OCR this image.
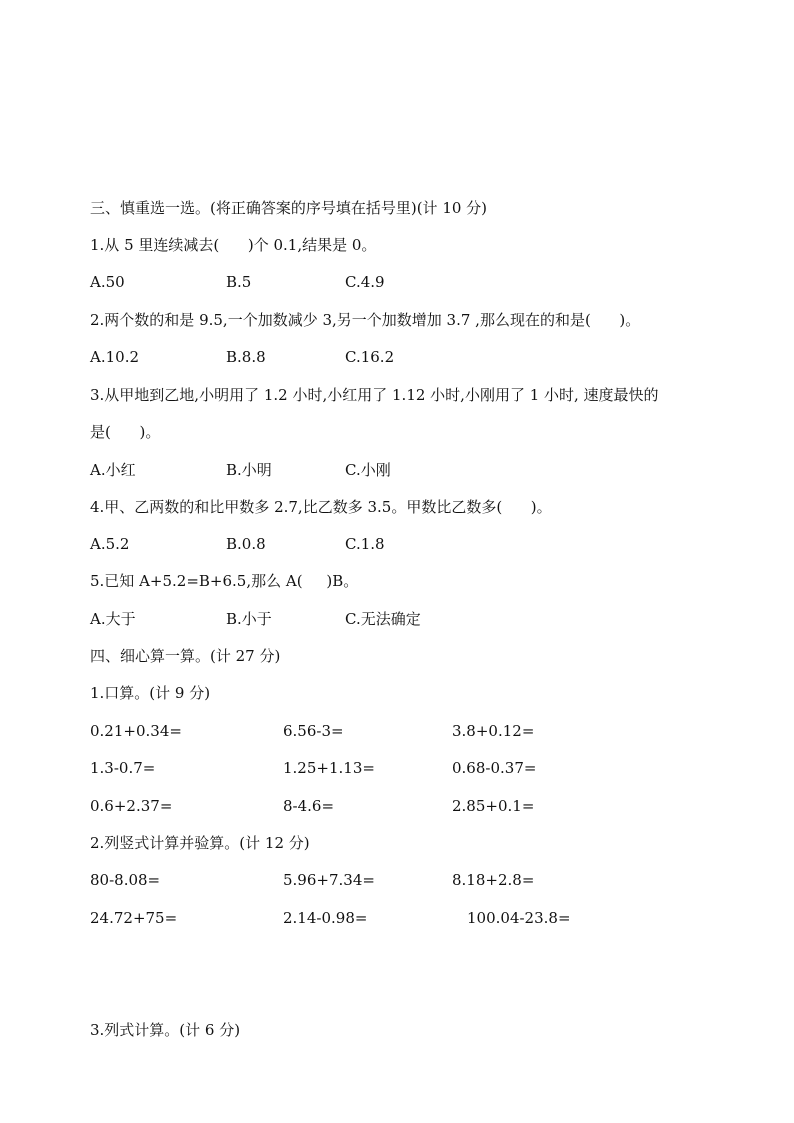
三、慎重选一选。(将正确答案的序号填在括号里)(计 10 分)
1.从 5 里连续减去(      )个 0.1,结果是 0。
A.50	B.5	C.4.9
2.两个数的和是 9.5,一个加数减少 3,另一个加数增加 3.7 ,那么现在的和是(      )。
A.10.2	B.8.8	C.16.2
3.从甲地到乙地,小明用了 1.2 小时,小红用了 1.12 小时,小刚用了 1 小时, 速度最快的
是(      )。
A.小红	B.小明	C.小刚
4.甲、乙两数的和比甲数多 2.7,比乙数多 3.5。甲数比乙数多(      )。
A.5.2	B.0.8	C.1.8
5.已知 A+5.2=B+6.5,那么 A(     )B。
A.大于	B.小于	C.无法确定
四、细心算一算。(计 27 分)
1.口算。(计 9 分)
0.21+0.34=	6.56-3=	3.8+0.12=
1.3-0.7=	1.25+1.13=	0.68-0.37=
0.6+2.37=	8-4.6=	2.85+0.1=
2.列竖式计算并验算。(计 12 分)
80-8.08=	5.96+7.34=	8.18+2.8=
24.72+75=	2.14-0.98=	100.04-23.8=
3.列式计算。(计 6 分)
